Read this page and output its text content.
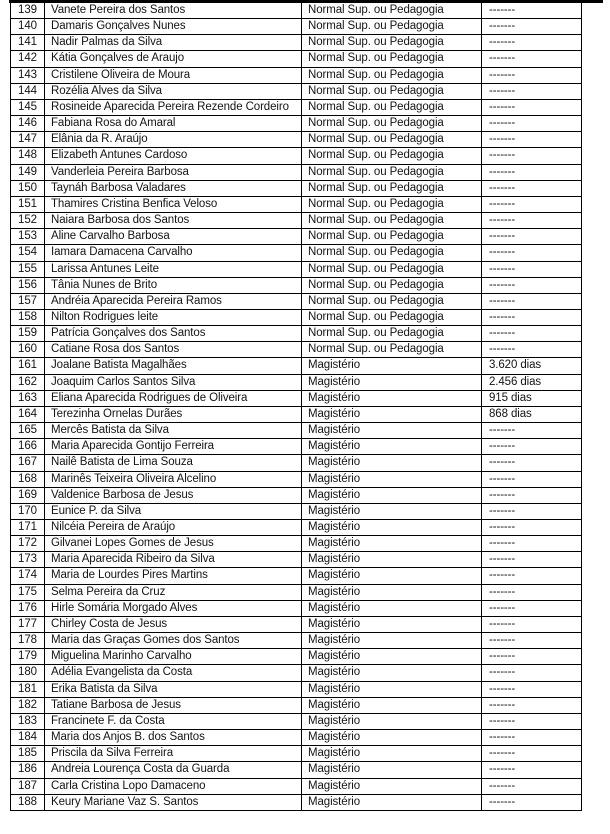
139	Vanete Pereira dos Santos	Normal Sup. ou Pedagogia	-------
140	Damaris Gonçalves Nunes	Normal Sup. ou Pedagogia	-------
141	Nadir Palmas da Silva	Normal Sup. ou Pedagogia	-------
142	Kátia Gonçalves de Araujo	Normal Sup. ou Pedagogia	-------
143	Cristilene Oliveira de Moura	Normal Sup. ou Pedagogia	-------
144	Rozélia Alves da Silva	Normal Sup. ou Pedagogia	-------
145	Rosineide Aparecida Pereira Rezende Cordeiro	Normal Sup. ou Pedagogia	-------
146	Fabiana Rosa do Amaral	Normal Sup. ou Pedagogia	-------
147	Elânia da R. Araújo	Normal Sup. ou Pedagogia	-------
148	Elizabeth Antunes Cardoso	Normal Sup. ou Pedagogia	-------
149	Vanderleia Pereira Barbosa	Normal Sup. ou Pedagogia	-------
150	Taynáh Barbosa Valadares	Normal Sup. ou Pedagogia	-------
151	Thamires Cristina Benfica Veloso	Normal Sup. ou Pedagogia	-------
152	Naiara Barbosa dos Santos	Normal Sup. ou Pedagogia	-------
153	Aline Carvalho Barbosa	Normal Sup. ou Pedagogia	-------
154	Iamara Damacena Carvalho	Normal Sup. ou Pedagogia	-------
155	Larissa Antunes Leite	Normal Sup. ou Pedagogia	-------
156	Tânia Nunes de Brito	Normal Sup. ou Pedagogia	-------
157	Andréia Aparecida Pereira Ramos	Normal Sup. ou Pedagogia	-------
158	Nilton Rodrigues leite	Normal Sup. ou Pedagogia	-------
159	Patrícia Gonçalves dos Santos	Normal Sup. ou Pedagogia	-------
160	Catiane Rosa dos Santos	Normal Sup. ou Pedagogia	-------
161	Joalane Batista Magalhães	Magistério	3.620 dias
162	Joaquim Carlos Santos Silva	Magistério	2.456 dias
163	Eliana Aparecida Rodrigues de Oliveira	Magistério	915 dias
164	Terezinha Ornelas Durães	Magistério	868 dias
165	Mercês Batista da Silva	Magistério	-------
166	Maria Aparecida Gontijo Ferreira	Magistério	-------
167	Nailê Batista de Lima Souza	Magistério	-------
168	Marinês Teixeira Oliveira Alcelino	Magistério	-------
169	Valdenice Barbosa de Jesus	Magistério	-------
170	Eunice P. da Silva	Magistério	-------
171	Nilcéia Pereira de Araújo	Magistério	-------
172	Gilvanei Lopes Gomes de Jesus	Magistério	-------
173	Maria Aparecida Ribeiro da Silva	Magistério	-------
174	Maria de Lourdes Pires Martins	Magistério	-------
175	Selma Pereira da Cruz	Magistério	-------
176	Hirle Somária Morgado Alves	Magistério	-------
177	Chirley Costa de Jesus	Magistério	-------
178	Maria das Graças Gomes dos Santos	Magistério	-------
179	Miguelina Marinho Carvalho	Magistério	-------
180	Adélia Evangelista da Costa	Magistério	-------
181	Erika Batista da Silva	Magistério	-------
182	Tatiane Barbosa de Jesus	Magistério	-------
183	Francinete F. da Costa	Magistério	-------
184	Maria dos Anjos B. dos Santos	Magistério	-------
185	Priscila da Silva Ferreira	Magistério	-------
186	Andreia Lourença Costa da Guarda	Magistério	-------
187	Carla Cristina Lopo Damaceno	Magistério	-------
188	Keury Mariane Vaz S. Santos	Magistério	-------
